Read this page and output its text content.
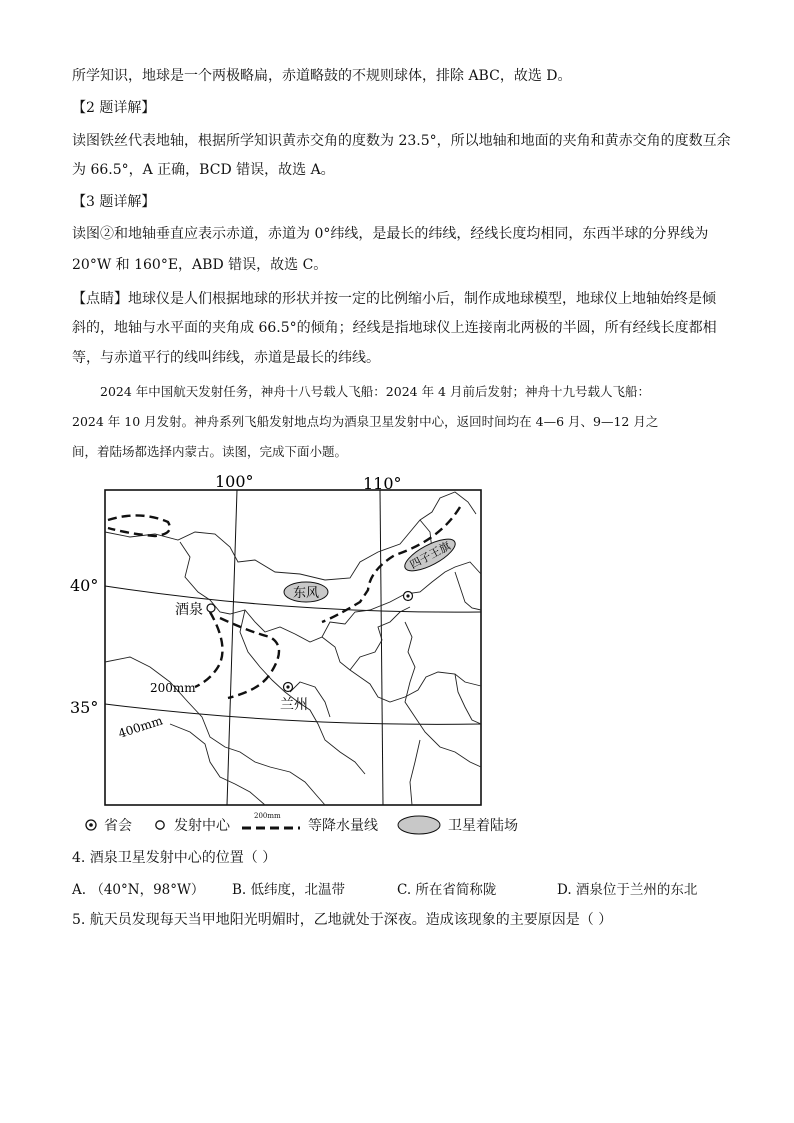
所学知识，地球是一个两极略扁，赤道略鼓的不规则球体，排除 ABC，故选 D。
【2 题详解】
读图铁丝代表地轴，根据所学知识黄赤交角的度数为 23.5°，所以地轴和地面的夹角和黄赤交角的度数互余
为 66.5°，A 正确，BCD 错误，故选 A。
【3 题详解】
读图②和地轴垂直应表示赤道，赤道为 0°纬线，是最长的纬线，经线长度均相同，东西半球的分界线为
20°W 和 160°E，ABD 错误，故选 C。
【点睛】地球仪是人们根据地球的形状并按一定的比例缩小后，制作成地球模型，地球仪上地轴始终是倾
斜的，地轴与水平面的夹角成 66.5°的倾角；经线是指地球仪上连接南北两极的半圆，所有经线长度都相
等，与赤道平行的线叫纬线，赤道是最长的纬线。
2024 年中国航天发射任务，神舟十八号载人飞船：2024 年 4 月前后发射；神舟十九号载人飞船：
2024 年 10 月发射。神舟系列飞船发射地点均为酒泉卫星发射中心，返回时间均在 4—6 月、9—12 月之
间，着陆场都选择内蒙古。读图，完成下面小题。
东风
四子王旗
酒泉
兰州
200mm
400mm
100°	110°
40°
35°
省会	发射中心
200mm
等降水量线	卫星着陆场
4. 酒泉卫星发射中心的位置（ ）
A. （40°N，98°W） B. 低纬度，北温带	C. 所在省简称陇	D. 酒泉位于兰州的东北
5. 航天员发现每天当甲地阳光明媚时，乙地就处于深夜。造成该现象的主要原因是（ ）
